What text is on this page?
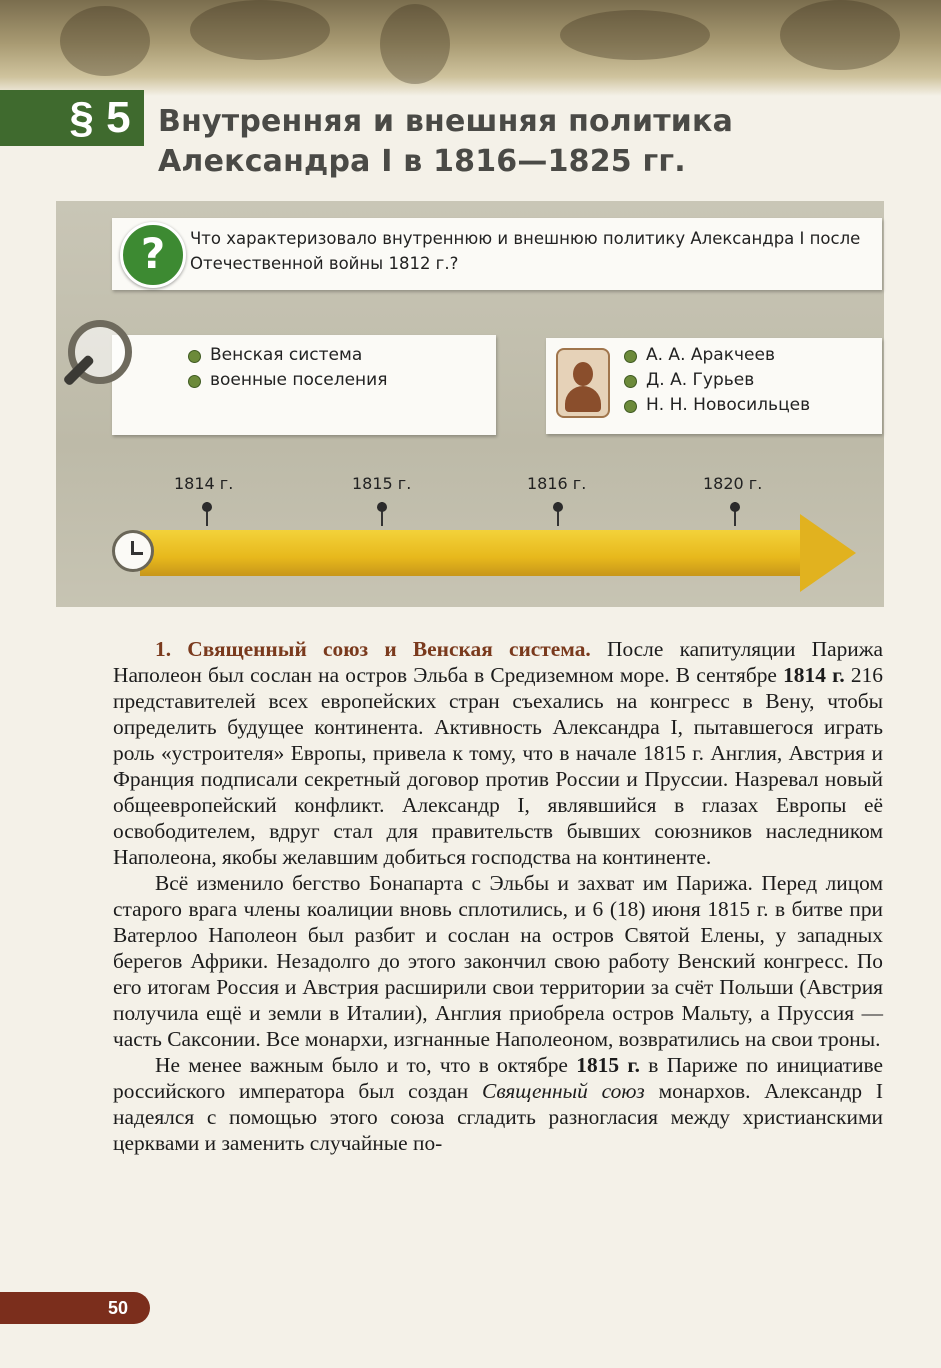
§ 5 Внутренняя и внешняя политика
Александра I в 1816—1825 гг.
?	Что характеризовало внутреннюю и внешнюю политику Александра I после Отечественной войны 1812 г.?
Венская система
военные поселения
А. А. Аракчеев
Д. А. Гурьев
Н. Н. Новосильцев
1814 г.	1815 г.	1816 г.	1820 г.

1. Священный союз и Венская система. После капитуляции Парижа Наполеон был сослан на остров Эльба в Средиземном море. В сентябре 1814 г. 216 представителей всех европейских стран съехались на конгресс в Вену, чтобы определить будущее континента. Активность Александра I, пытавшегося играть роль «устроителя» Европы, привела к тому, что в начале 1815 г. Англия, Австрия и Франция подписали секретный договор против России и Пруссии. Назревал новый общеевропейский конфликт. Александр I, являвшийся в глазах Европы её освободителем, вдруг стал для правительств бывших союзников наследником Наполеона, якобы желавшим добиться господства на континенте.

Всё изменило бегство Бонапарта с Эльбы и захват им Парижа. Перед лицом старого врага члены коалиции вновь сплотились, и 6 (18) июня 1815 г. в битве при Ватерлоо Наполеон был разбит и сослан на остров Святой Елены, у западных берегов Африки. Незадолго до этого закончил свою работу Венский конгресс. По его итогам Россия и Австрия расширили свои территории за счёт Польши (Австрия получила ещё и земли в Италии), Англия приобрела остров Мальту, а Пруссия — часть Саксонии. Все монархи, изгнанные Наполеоном, возвратились на свои троны.

Не менее важным было и то, что в октябре 1815 г. в Париже по инициативе российского императора был создан Священный союз монархов. Александр I надеялся с помощью этого союза сгладить разногласия между христианскими церквами и заменить случайные по-

50
